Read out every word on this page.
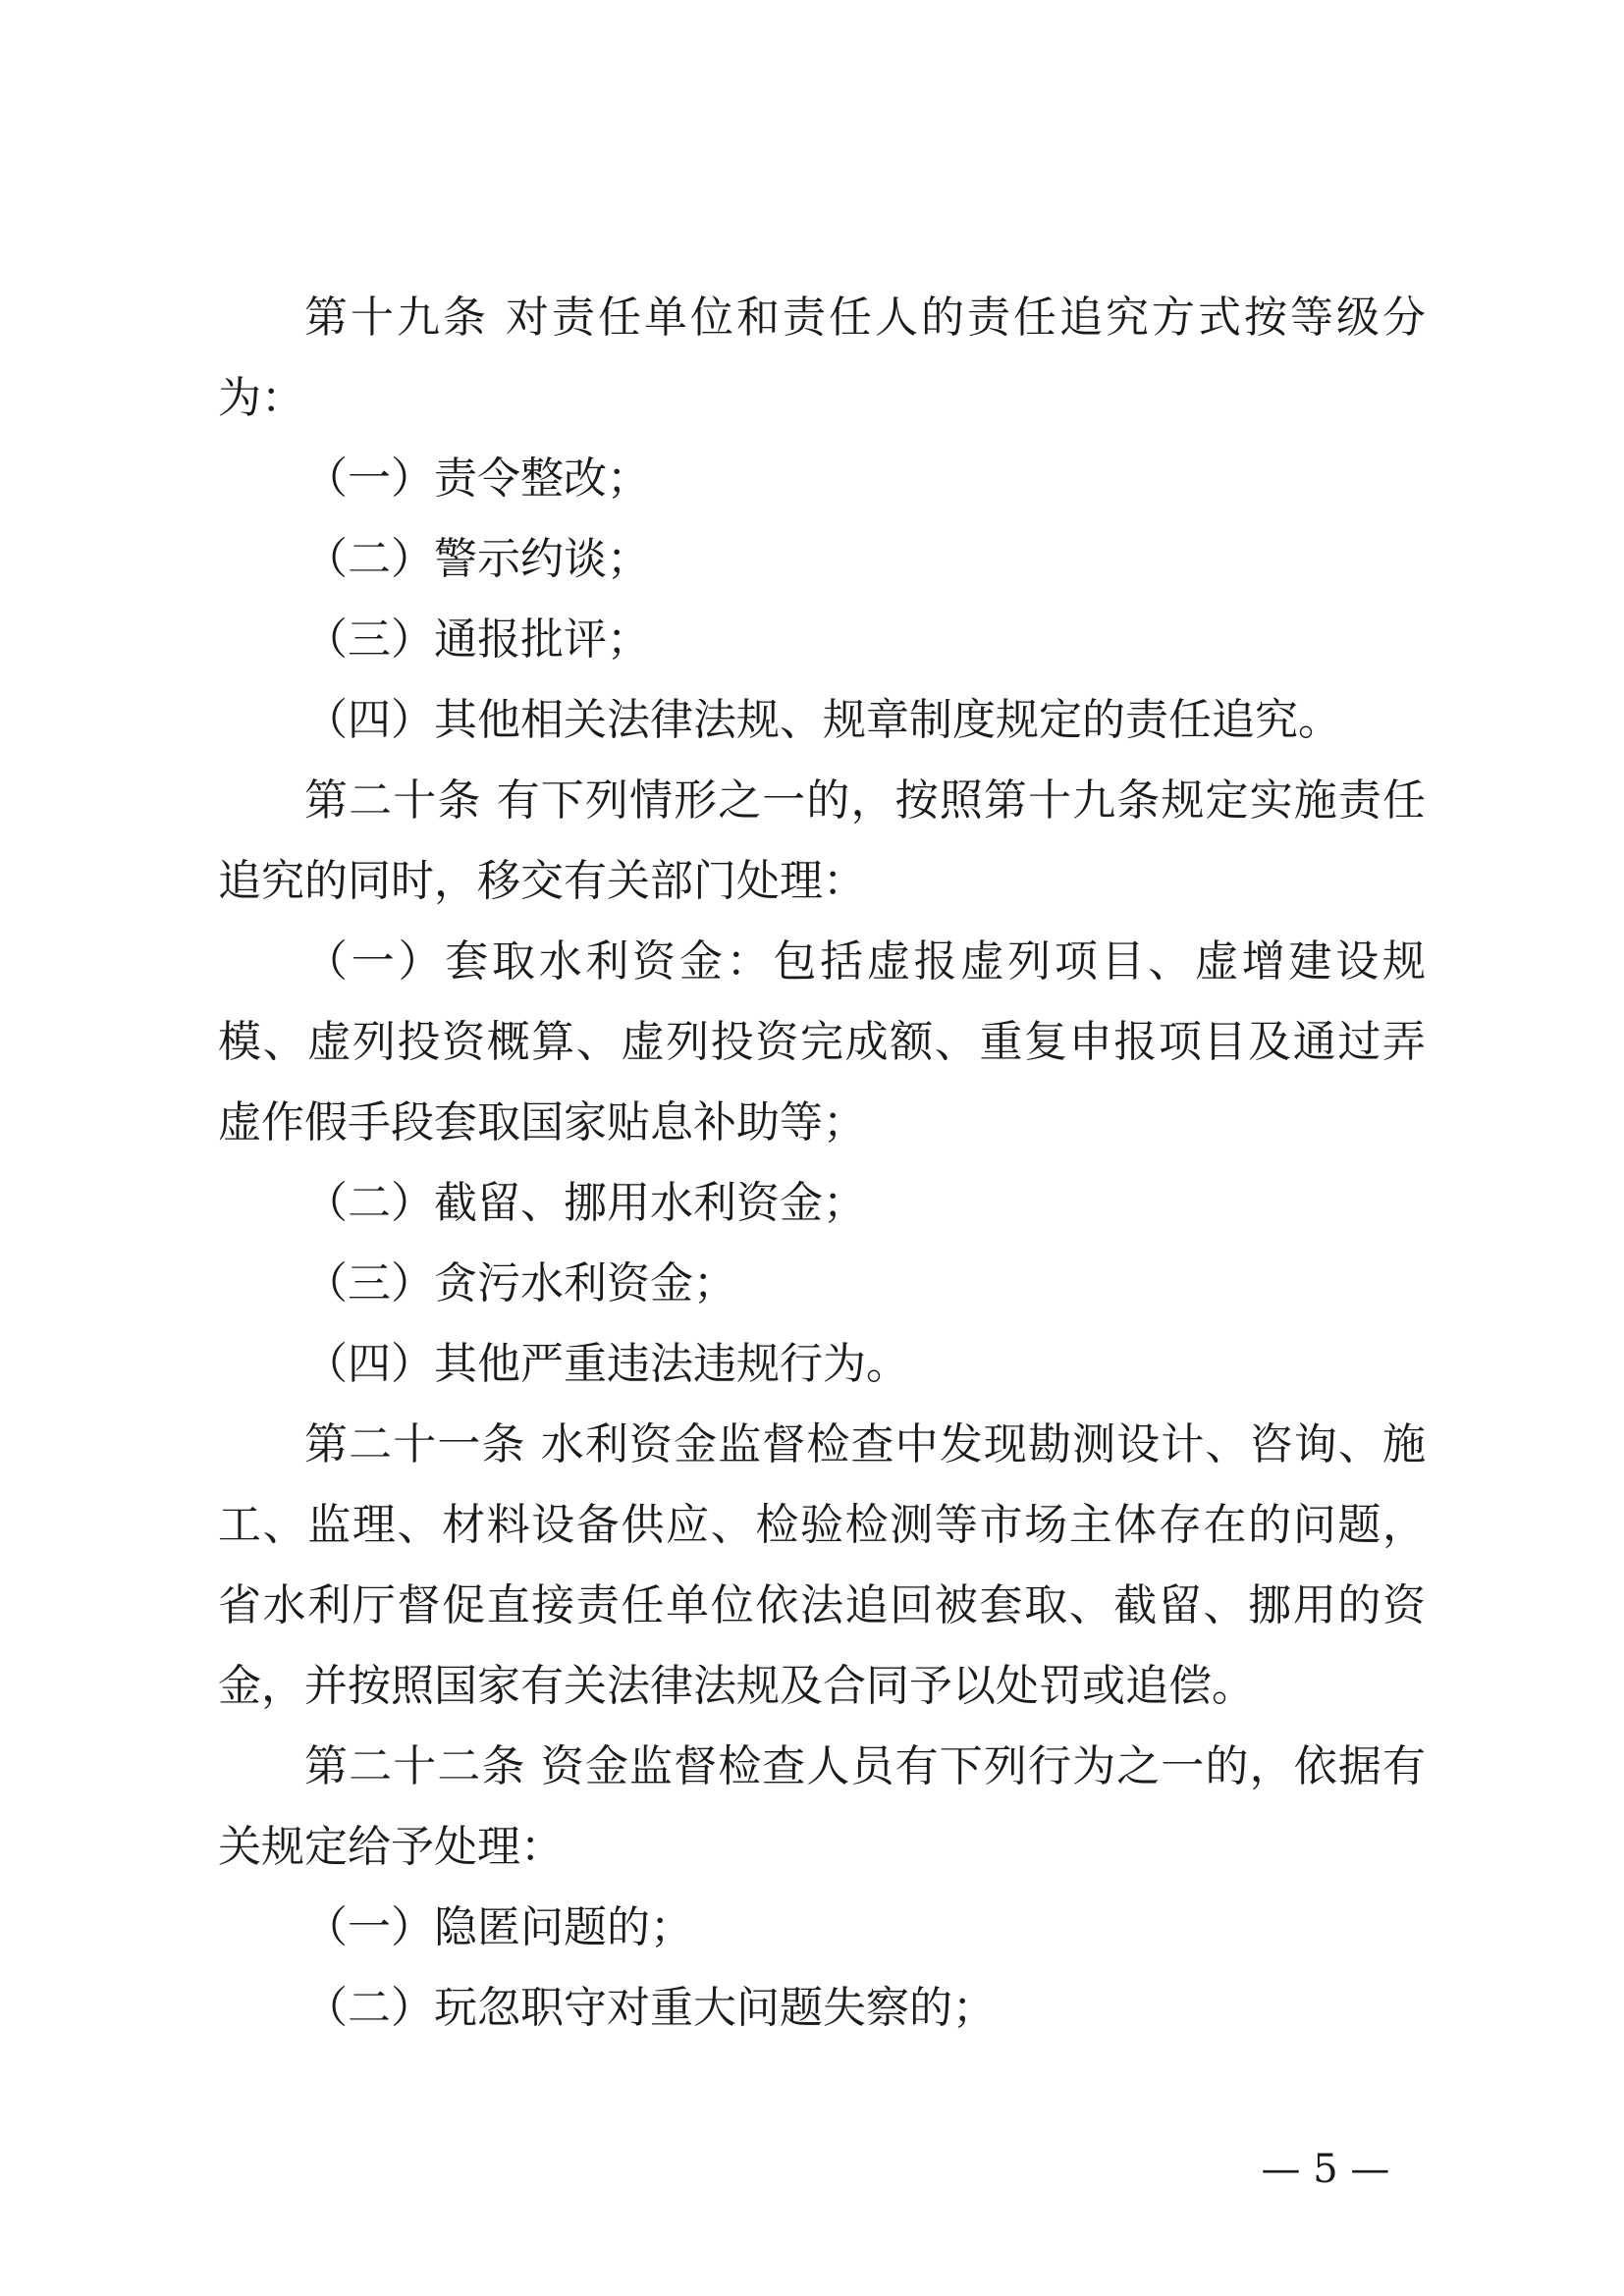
第十九条 对责任单位和责任人的责任追究方式按等级分为：

（一）责令整改；

（二）警示约谈；

（三）通报批评；

（四）其他相关法律法规、规章制度规定的责任追究。

第二十条 有下列情形之一的，按照第十九条规定实施责任追究的同时，移交有关部门处理：

（一）套取水利资金：包括虚报虚列项目、虚增建设规模、虚列投资概算、虚列投资完成额、重复申报项目及通过弄虚作假手段套取国家贴息补助等；

（二）截留、挪用水利资金；

（三）贪污水利资金；

（四）其他严重违法违规行为。

第二十一条 水利资金监督检查中发现勘测设计、咨询、施工、监理、材料设备供应、检验检测等市场主体存在的问题，省水利厅督促直接责任单位依法追回被套取、截留、挪用的资金，并按照国家有关法律法规及合同予以处罚或追偿。

第二十二条 资金监督检查人员有下列行为之一的，依据有关规定给予处理：

（一）隐匿问题的；

（二）玩忽职守对重大问题失察的；

— 5 —
